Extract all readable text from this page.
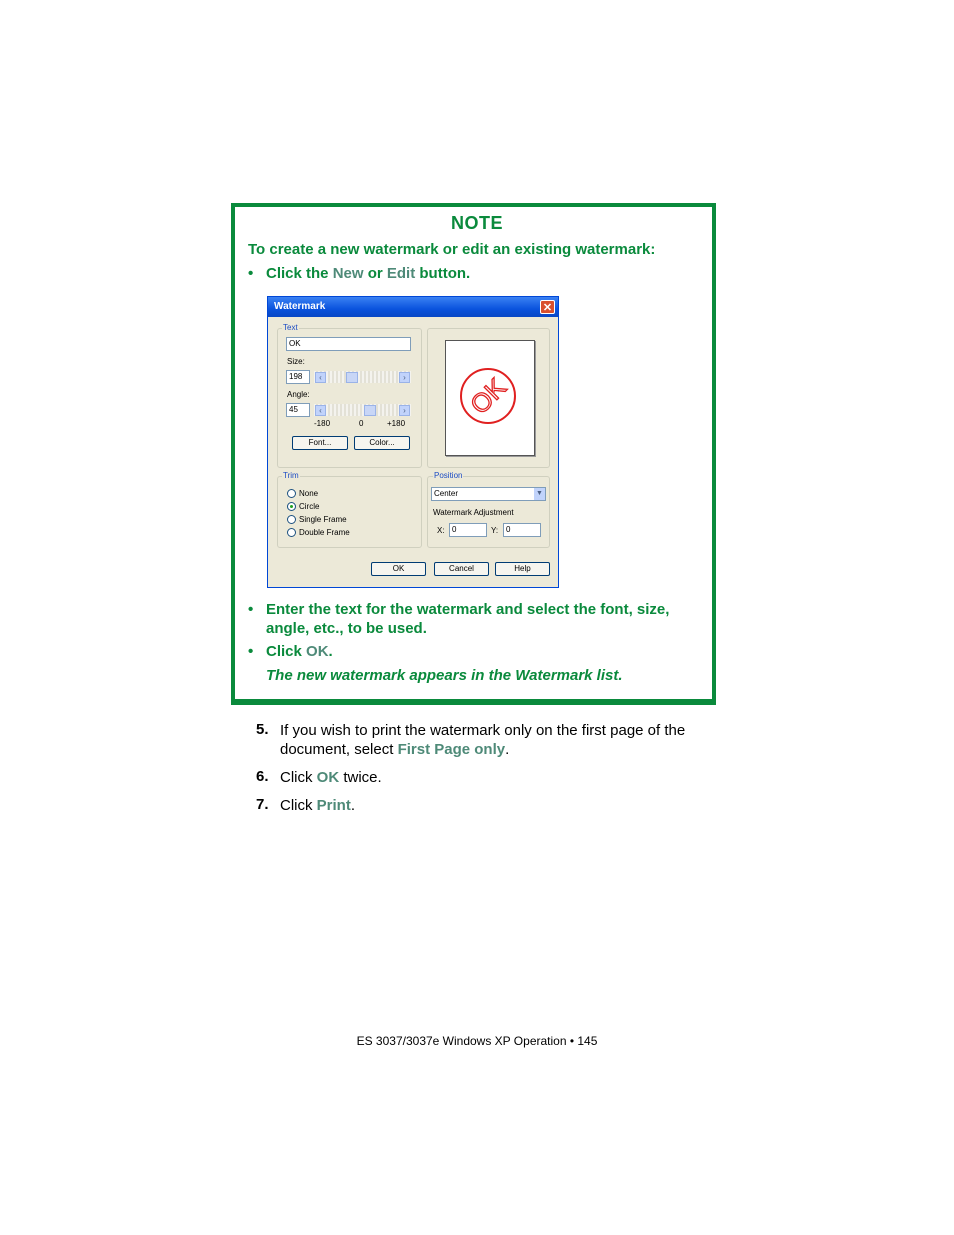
NOTE
To create a new watermark or edit an existing watermark:
• Click the New or Edit button.
Watermark	✕
Text
OK
Size:
198	‹	›
Angle:
45	‹	›
-180	0	+180
Font...	Color...
OK
Trim
None
Circle
Single Frame
Double Frame
Position
Center	▼
Watermark Adjustment
X: 0	Y: 0
OK	Cancel	Help
• Enter the text for the watermark and select the font, size,
angle, etc., to be used.
• Click OK.
The new watermark appears in the Watermark list.
5. If you wish to print the watermark only on the first page of the
document, select First Page only.
6. Click OK twice.
7. Click Print.
ES 3037/3037e Windows XP Operation • 145
